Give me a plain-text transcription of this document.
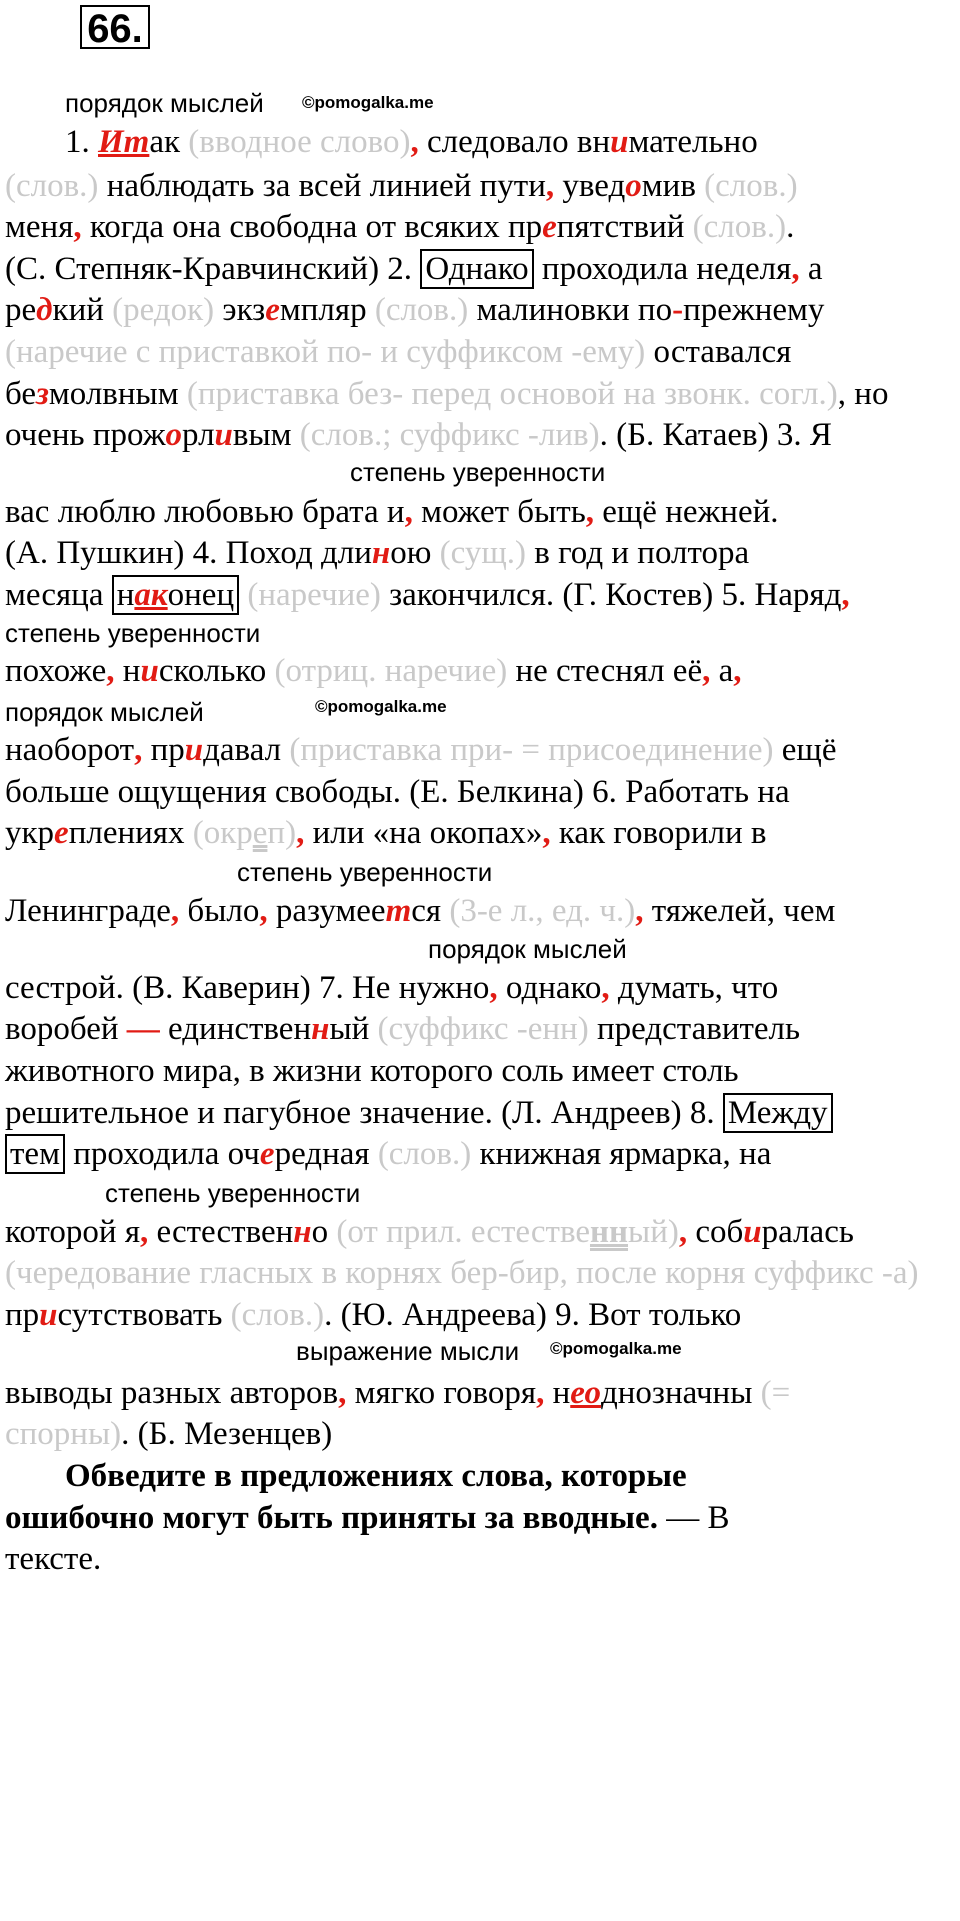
66.
порядок мыслей ©pomogalka.me
1. Итак (вводное слово), следовало внимательно
(слов.) наблюдать за всей линией пути, уведомив (слов.)
меня, когда она свободна от всяких препятствий (слов.).
(С. Степняк-Кравчинский) 2. Однако проходила неделя, а
редкий (редок) экземпляр (слов.) малиновки по-прежнему
(наречие с приставкой по- и суффиксом -ему) оставался
безмолвным (приставка без- перед основой на звонк. согл.), но
очень прожорливым (слов.; суффикс -лив). (Б. Катаев) 3. Я
степень уверенности
вас люблю любовью брата и, может быть, ещё нежней.
(А. Пушкин) 4. Поход длиною (сущ.) в год и полтора
месяца наконец (наречие) закончился. (Г. Костев) 5. Наряд,
степень уверенности
похоже, нисколько (отриц. наречие) не стеснял её, а,
порядок мыслей	©pomogalka.me
наоборот, придавал (приставка при- = присоединение) ещё
больше ощущения свободы. (Е. Белкина) 6. Работать на
укреплениях (окреп), или «на окопах», как говорили в
степень уверенности
Ленинграде, было, разумеется (3-е л., ед. ч.), тяжелей, чем
порядок мыслей
сестрой. (В. Каверин) 7. Не нужно, однако, думать, что
воробей — единственный (суффикс -енн) представитель
животного мира, в жизни которого соль имеет столь
решительное и пагубное значение. (Л. Андреев) 8. Между
тем проходила очередная (слов.) книжная ярмарка, на
степень уверенности
которой я, естественно (от прил. естественный), собиралась
(чередование гласных в корнях бер-бир, после корня суффикс -а)
присутствовать (слов.). (Ю. Андреева) 9. Вот только
выражение мысли ©pomogalka.me
выводы разных авторов, мягко говоря, неоднозначны (=
спорны). (Б. Мезенцев)
Обведите в предложениях слова, которые
ошибочно могут быть приняты за вводные. — В
тексте.
